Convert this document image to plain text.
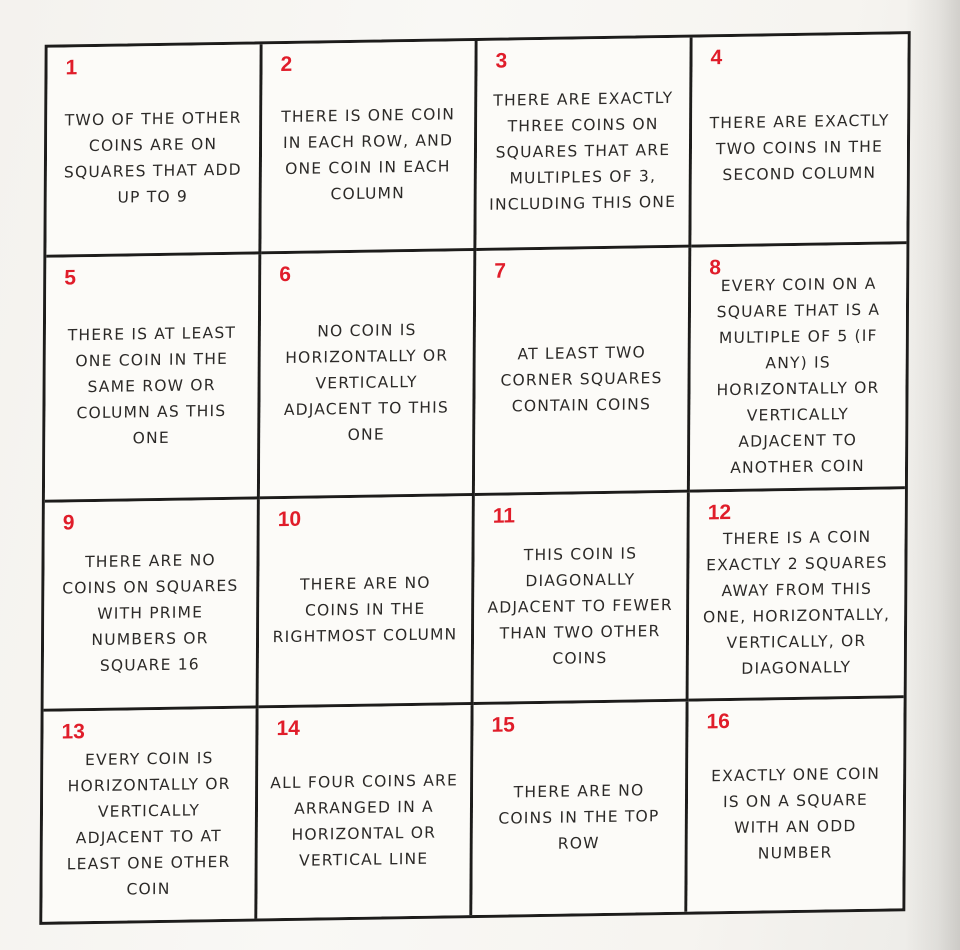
1
TWO OF THE OTHER COINS ARE ON SQUARES THAT ADD UP TO 9
2
THERE IS ONE COIN IN EACH ROW, AND ONE COIN IN EACH COLUMN
3
THERE ARE EXACTLY THREE COINS ON SQUARES THAT ARE MULTIPLES OF 3, INCLUDING THIS ONE
4
THERE ARE EXACTLY TWO COINS IN THE SECOND COLUMN
5
THERE IS AT LEAST ONE COIN IN THE SAME ROW OR COLUMN AS THIS ONE
6
NO COIN IS HORIZONTALLY OR VERTICALLY ADJACENT TO THIS ONE
7
AT LEAST TWO CORNER SQUARES CONTAIN COINS
8
EVERY COIN ON A SQUARE THAT IS A MULTIPLE OF 5 (IF ANY) IS HORIZONTALLY OR VERTICALLY ADJACENT TO ANOTHER COIN
9
THERE ARE NO COINS ON SQUARES WITH PRIME NUMBERS OR SQUARE 16
10
THERE ARE NO COINS IN THE RIGHTMOST COLUMN
11
THIS COIN IS DIAGONALLY ADJACENT TO FEWER THAN TWO OTHER COINS
12
THERE IS A COIN EXACTLY 2 SQUARES AWAY FROM THIS ONE, HORIZONTALLY, VERTICALLY, OR DIAGONALLY
13
EVERY COIN IS HORIZONTALLY OR VERTICALLY ADJACENT TO AT LEAST ONE OTHER COIN
14
ALL FOUR COINS ARE ARRANGED IN A HORIZONTAL OR VERTICAL LINE
15
THERE ARE NO COINS IN THE TOP ROW
16
EXACTLY ONE COIN IS ON A SQUARE WITH AN ODD NUMBER
